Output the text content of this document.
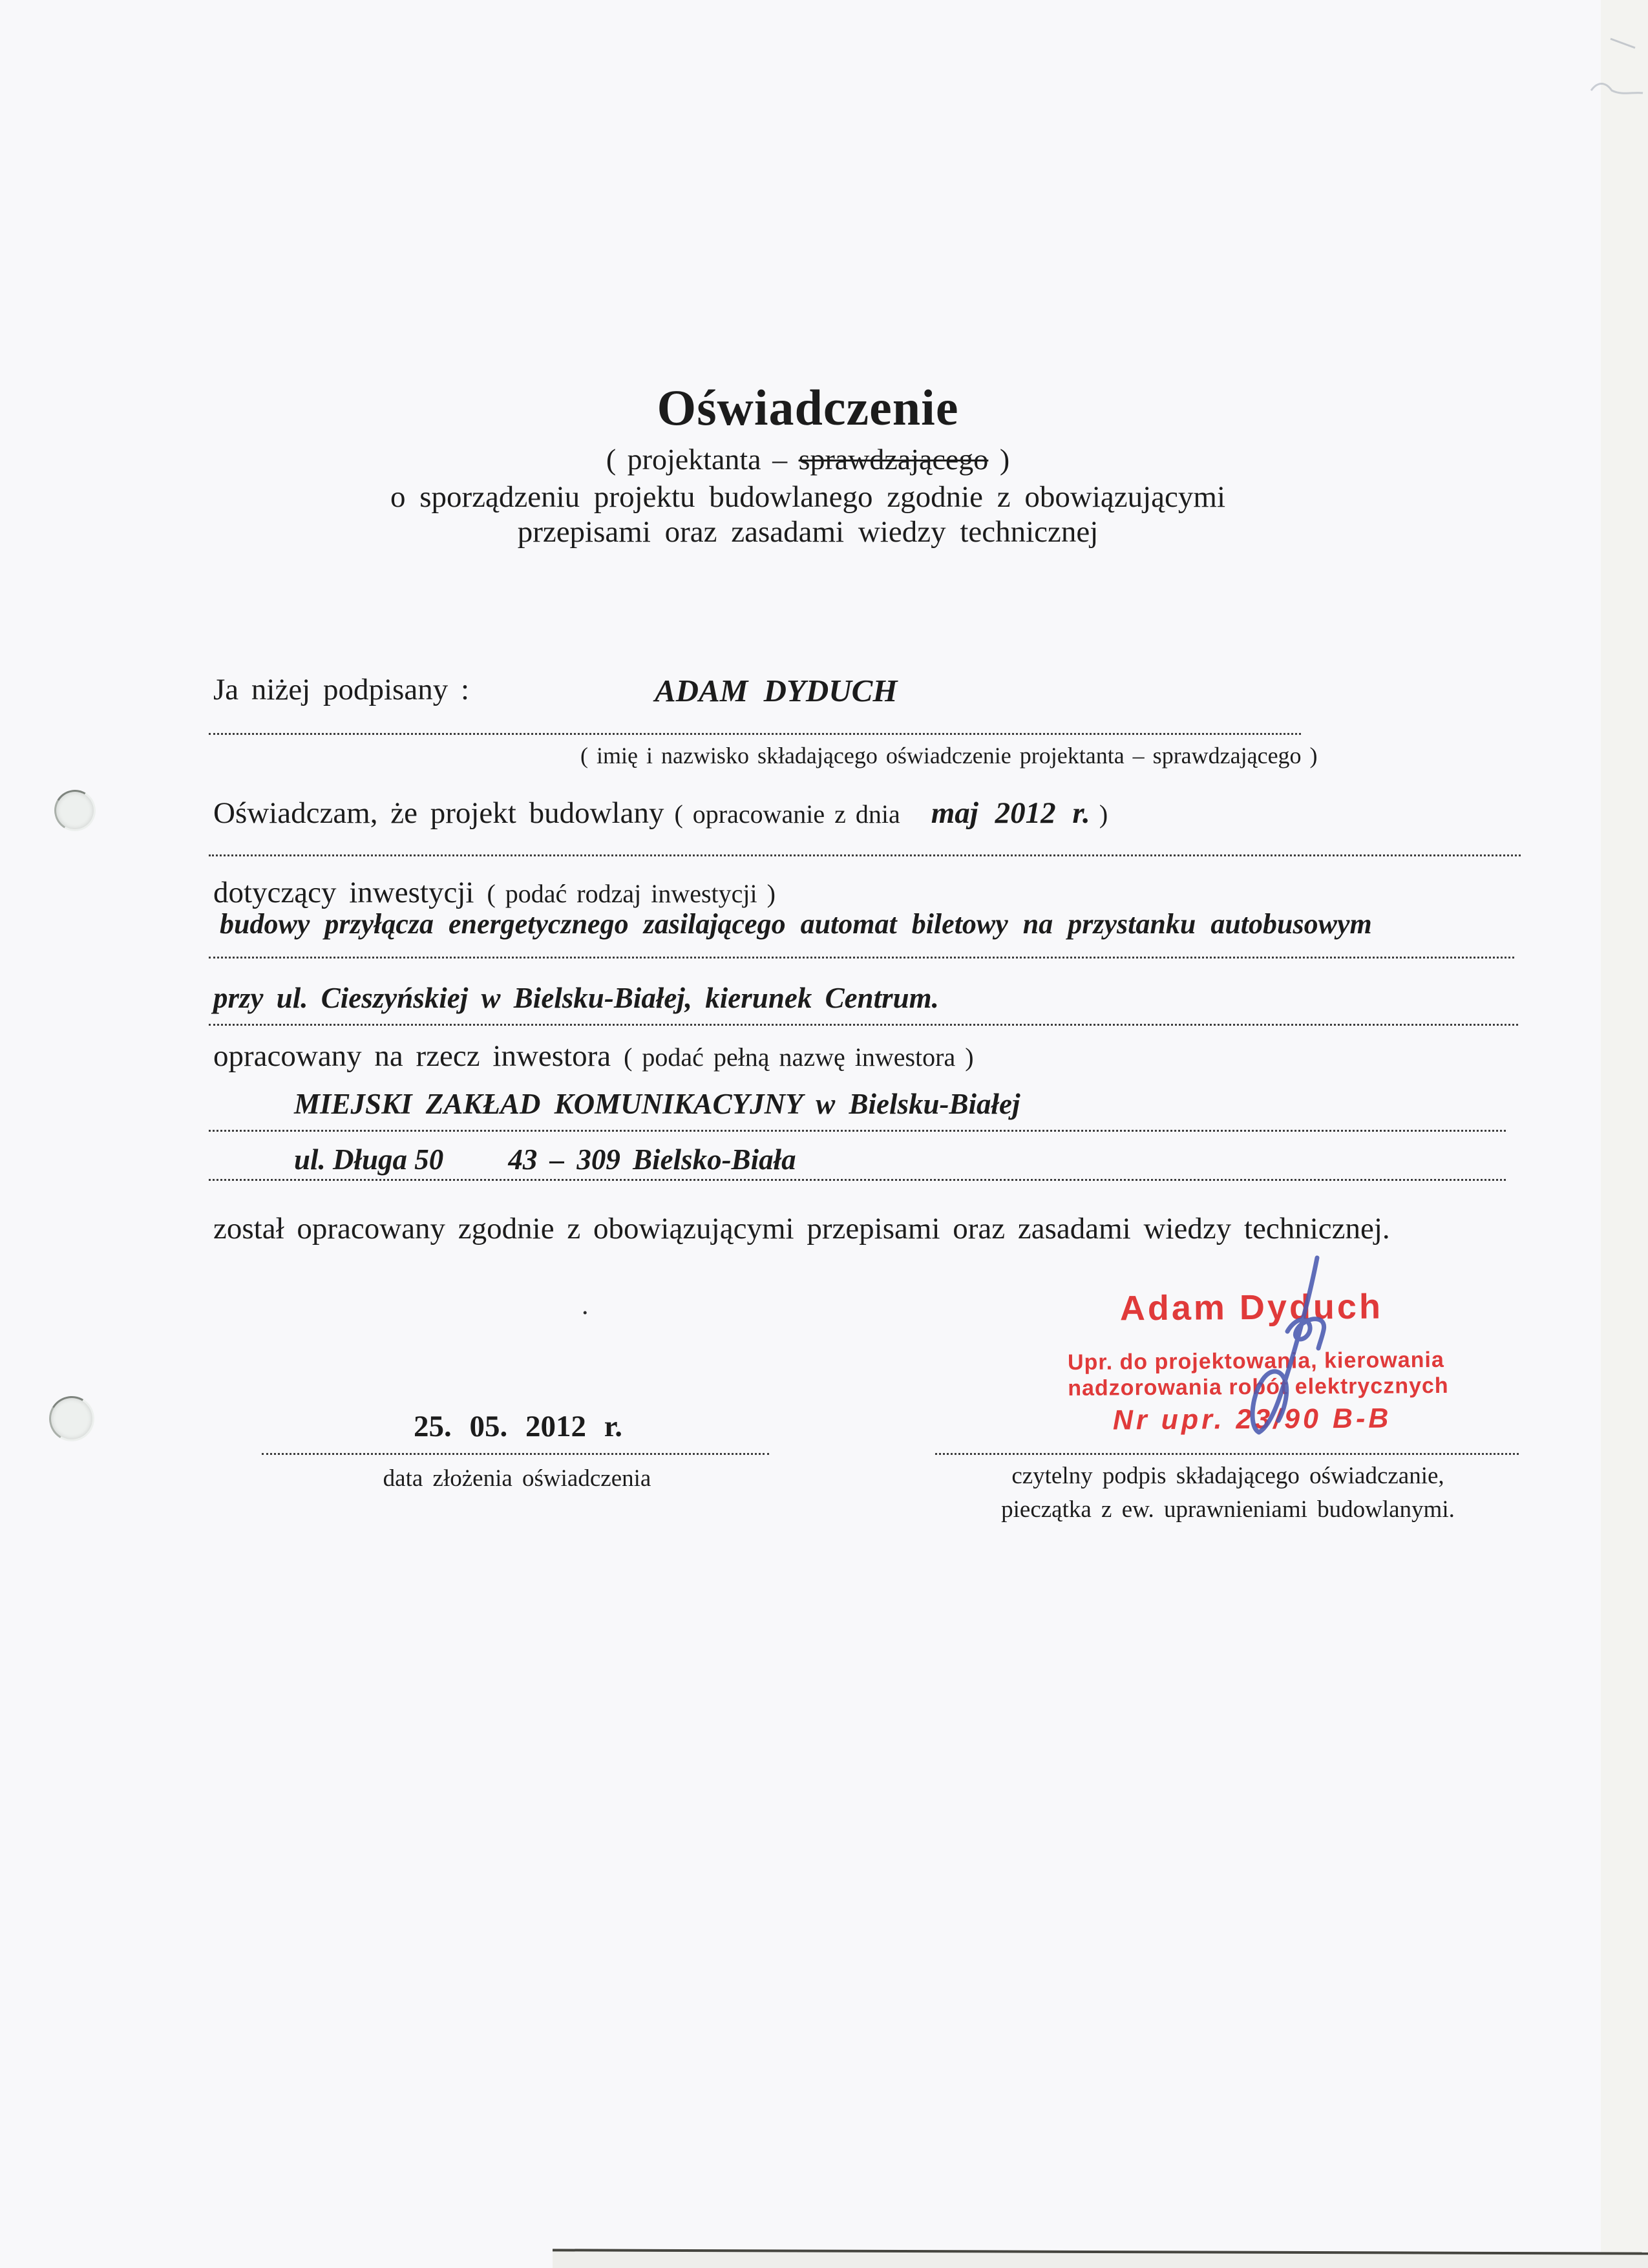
Oświadczenie
( projektanta – sprawdzającego )
o sporządzeniu projektu budowlanego zgodnie z obowiązującymi
przepisami oraz zasadami wiedzy technicznej
Ja niżej podpisany :	ADAM DYDUCH
( imię i nazwisko składającego oświadczenie projektanta – sprawdzającego )
Oświadczam, że projekt budowlany ( opracowanie z dnia maj 2012 r. )
dotyczący inwestycji ( podać rodzaj inwestycji )
budowy przyłącza energetycznego zasilającego automat biletowy na przystanku autobusowym
przy ul. Cieszyńskiej w Bielsku-Białej, kierunek Centrum.
opracowany na rzecz inwestora ( podać pełną nazwę inwestora )
MIEJSKI ZAKŁAD KOMUNIKACYJNY w Bielsku-Białej
ul. Długa 50 43 – 309 Bielsko-Biała
został opracowany zgodnie z obowiązującymi przepisami oraz zasadami wiedzy technicznej.
.	Adam Dyduch
Upr. do projektowania, kierowania
nadzorowania robót elektrycznych
Nr upr. 23/90 B-B
25. 05. 2012 r.
data złożenia oświadczenia	czytelny podpis składającego oświadczanie,
pieczątka z ew. uprawnieniami budowlanymi.
